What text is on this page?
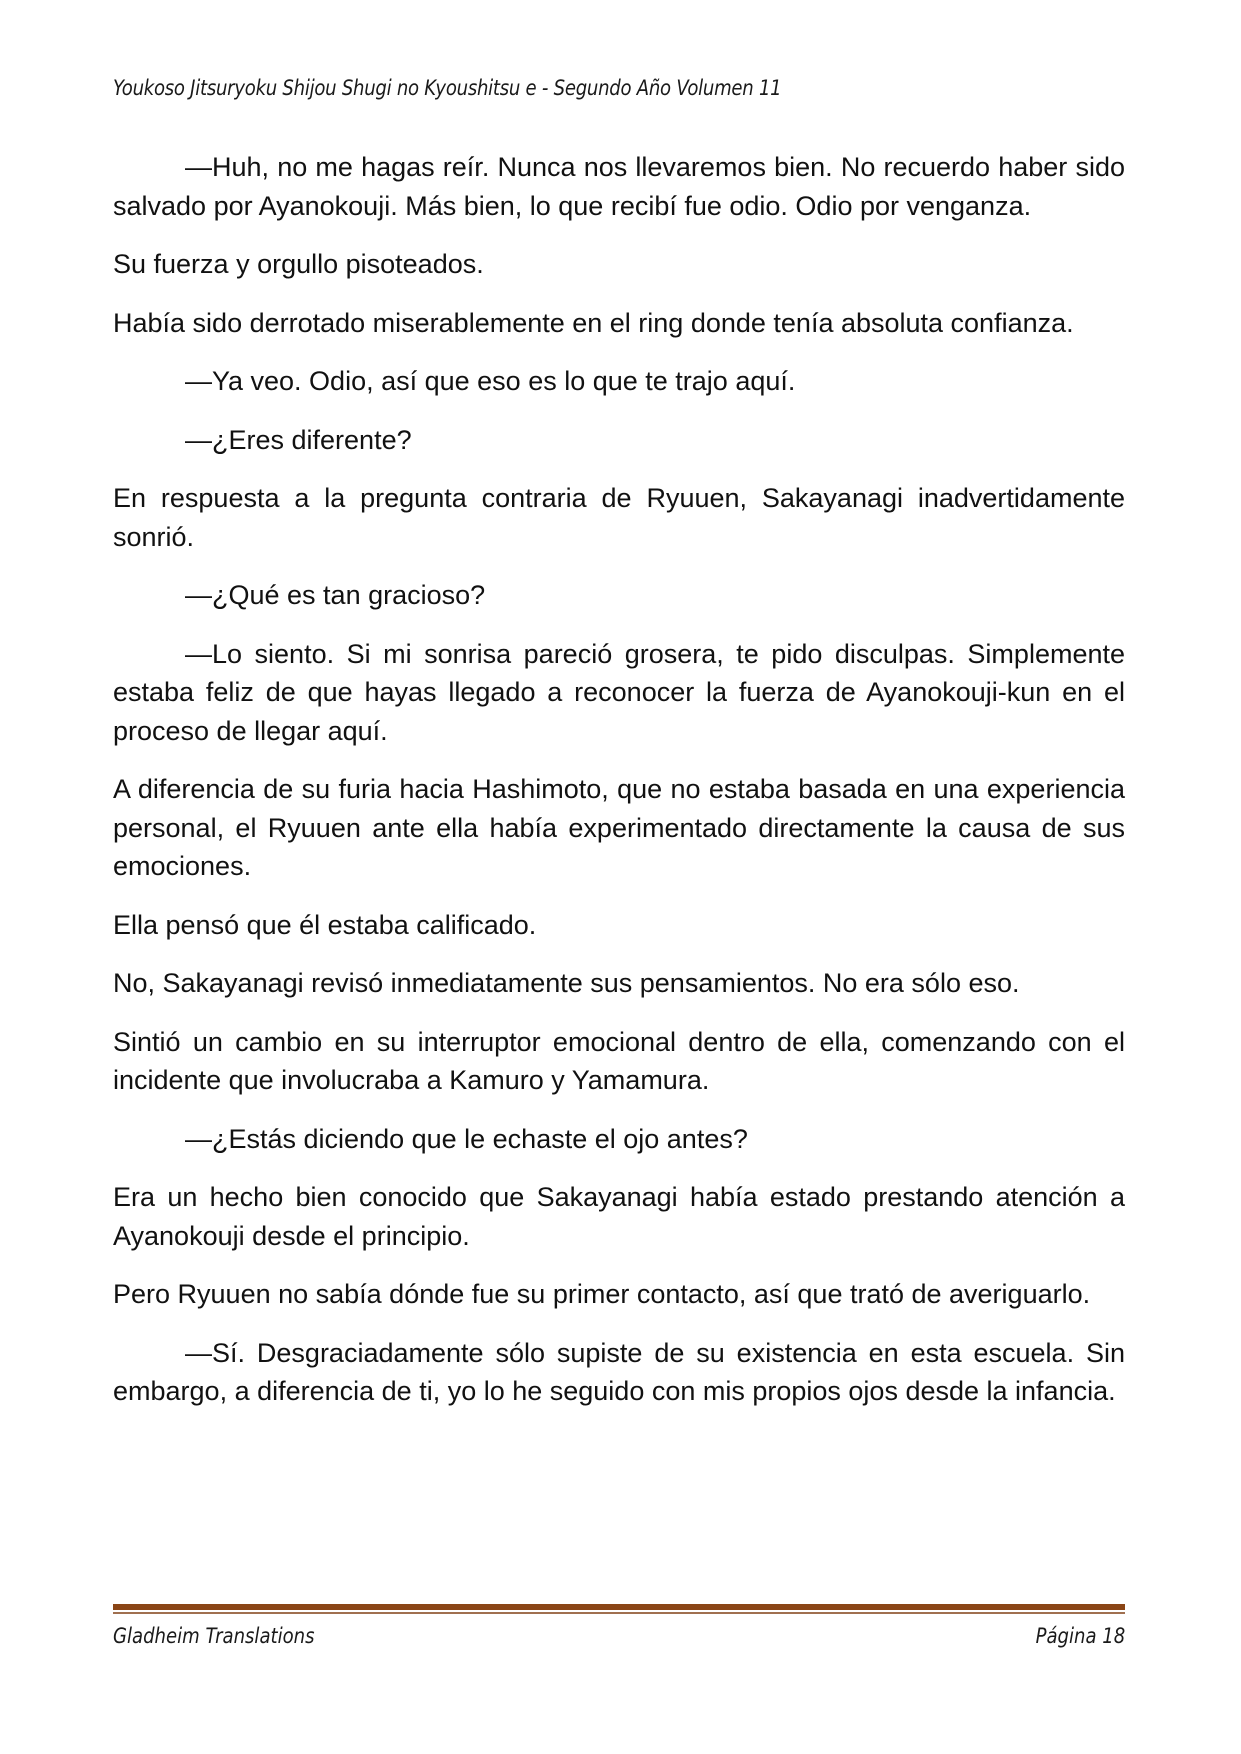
Youkoso Jitsuryoku Shijou Shugi no Kyoushitsu e - Segundo Año Volumen 11

—Huh, no me hagas reír. Nunca nos llevaremos bien. No recuerdo haber sido salvado por Ayanokouji. Más bien, lo que recibí fue odio. Odio por venganza.

Su fuerza y orgullo pisoteados.

Había sido derrotado miserablemente en el ring donde tenía absoluta confianza.

—Ya veo. Odio, así que eso es lo que te trajo aquí.

—¿Eres diferente?

En respuesta a la pregunta contraria de Ryuuen, Sakayanagi inadvertidamente sonrió.

—¿Qué es tan gracioso?

—Lo siento. Si mi sonrisa pareció grosera, te pido disculpas. Simplemente estaba feliz de que hayas llegado a reconocer la fuerza de Ayanokouji-kun en el proceso de llegar aquí.

A diferencia de su furia hacia Hashimoto, que no estaba basada en una experiencia personal, el Ryuuen ante ella había experimentado directamente la causa de sus emociones.

Ella pensó que él estaba calificado.

No, Sakayanagi revisó inmediatamente sus pensamientos. No era sólo eso.

Sintió un cambio en su interruptor emocional dentro de ella, comenzando con el incidente que involucraba a Kamuro y Yamamura.

—¿Estás diciendo que le echaste el ojo antes?

Era un hecho bien conocido que Sakayanagi había estado prestando atención a Ayanokouji desde el principio.

Pero Ryuuen no sabía dónde fue su primer contacto, así que trató de averiguarlo.

—Sí. Desgraciadamente sólo supiste de su existencia en esta escuela. Sin embargo, a diferencia de ti, yo lo he seguido con mis propios ojos desde la infancia.

Gladheim Translations	Página 18
